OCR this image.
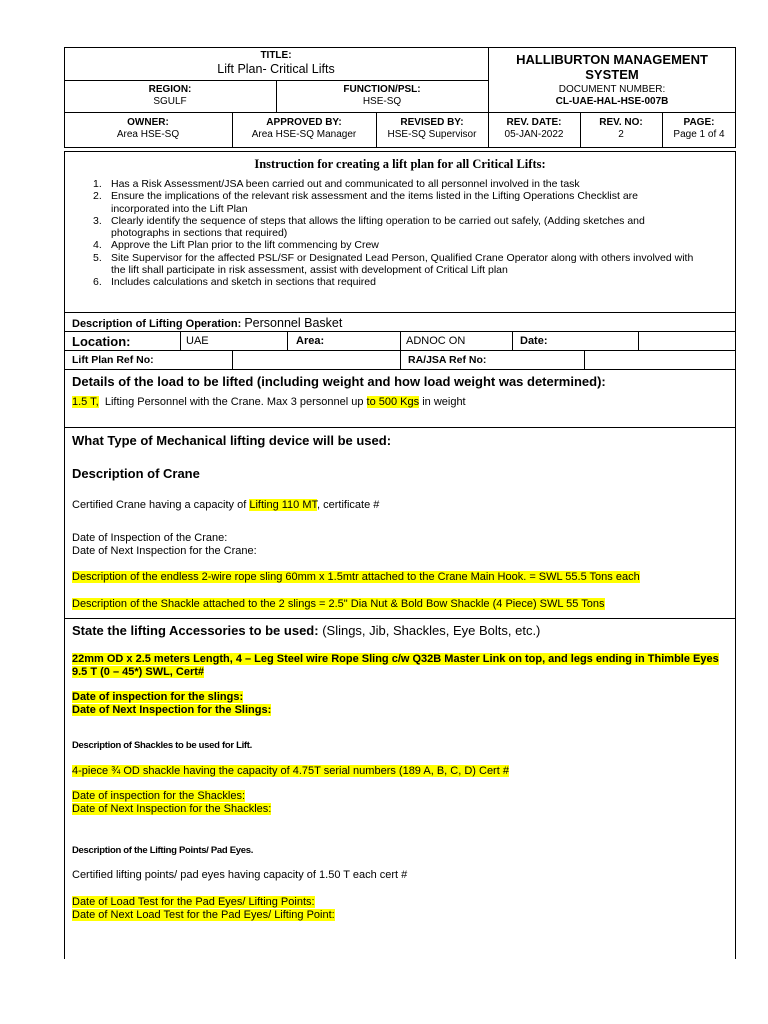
TITLE:
Lift Plan- Critical Lifts
HALLIBURTON MANAGEMENT
SYSTEM
REGION:
SGULF
FUNCTION/PSL:
HSE-SQ
DOCUMENT NUMBER:
CL-UAE-HAL-HSE-007B
OWNER:
Area HSE-SQ
APPROVED BY:
Area HSE-SQ Manager
REVISED BY:
HSE-SQ Supervisor
REV. DATE:
05-JAN-2022
REV. NO:
2
PAGE:
Page 1 of 4
Instruction for creating a lift plan for all Critical Lifts:
1. Has a Risk Assessment/JSA been carried out and communicated to all personnel involved in the task
2. Ensure the implications of the relevant risk assessment and the items listed in the Lifting Operations Checklist are
incorporated into the Lift Plan
3. Clearly identify the sequence of steps that allows the lifting operation to be carried out safely, (Adding sketches and
photographs in sections that required)
4. Approve the Lift Plan prior to the lift commencing by Crew
5. Site Supervisor for the affected PSL/SF or Designated Lead Person, Qualified Crane Operator along with others involved with
the lift shall participate in risk assessment, assist with development of Critical Lift plan
6. Includes calculations and sketch in sections that required
Description of Lifting Operation: Personnel Basket
Location:	UAE	Area:	ADNOC ON	Date:
Lift Plan Ref No:	RA/JSA Ref No:
Details of the load to be lifted (including weight and how load weight was determined):
1.5 T,  Lifting Personnel with the Crane. Max 3 personnel up to 500 Kgs in weight
What Type of Mechanical lifting device will be used:
Description of Crane
Certified Crane having a capacity of Lifting 110 MT, certificate #
Date of Inspection of the Crane:
Date of Next Inspection for the Crane:
Description of the endless 2-wire rope sling 60mm x 1.5mtr attached to the Crane Main Hook. = SWL 55.5 Tons each
Description of the Shackle attached to the 2 slings = 2.5" Dia Nut & Bold Bow Shackle (4 Piece) SWL 55 Tons
State the lifting Accessories to be used: (Slings, Jib, Shackles, Eye Bolts, etc.)
22mm OD x 2.5 meters Length, 4 – Leg Steel wire Rope Sling c/w Q32B Master Link on top, and legs ending in Thimble Eyes
9.5 T (0 – 45*) SWL, Cert#
Date of inspection for the slings:
Date of Next Inspection for the Slings:
Description of Shackles to be used for Lift.
4-piece ¾ OD shackle having the capacity of 4.75T serial numbers (189 A, B, C, D) Cert #
Date of inspection for the Shackles:
Date of Next Inspection for the Shackles:
Description of the Lifting Points/ Pad Eyes.
Certified lifting points/ pad eyes having capacity of 1.50 T each cert #
Date of Load Test for the Pad Eyes/ Lifting Points:
Date of Next Load Test for the Pad Eyes/ Lifting Point:
